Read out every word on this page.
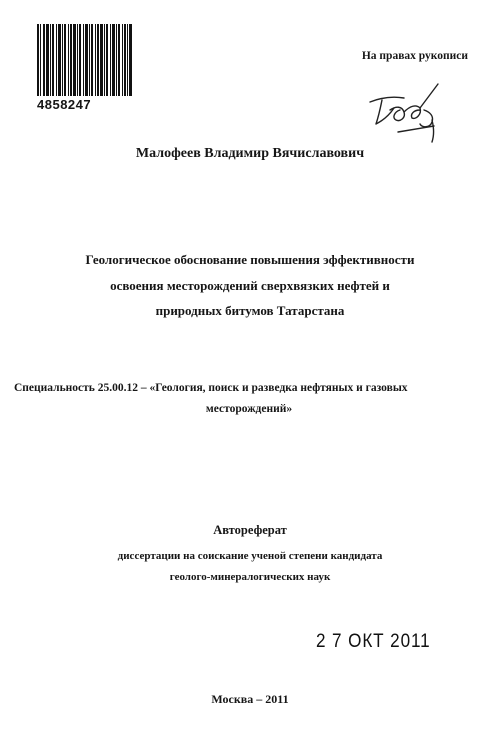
На правах рукописи
4858247
Малофеев Владимир Вячиславович
Геологическое обоснование повышения эффективности
освоения месторождений сверхвязких нефтей и
природных битумов Татарстана
Специальность 25.00.12 – «Геология, поиск и разведка нефтяных и газовых
месторождений»
Автореферат
диссертации на соискание ученой степени кандидата
геолого-минералогических наук
2 7 ОКТ 2011
Москва – 2011
